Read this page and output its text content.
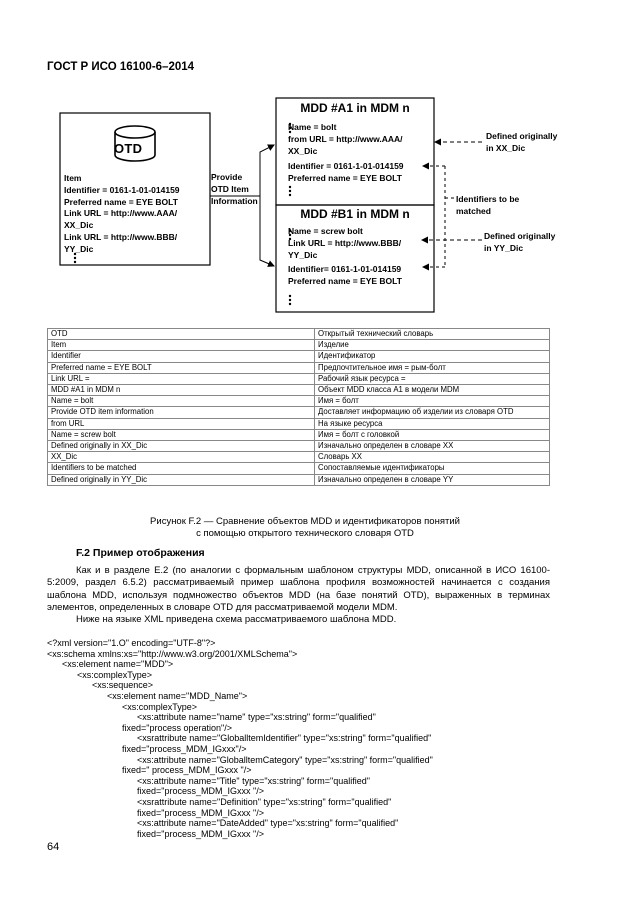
ГОСТ Р ИСО 16100-6–2014
OTD
Item
Identifier = 0161-1-01-014159
Preferred name = EYE BOLT
Link URL = http://www.AAA/
XX_Dic
Link URL = http://www.BBB/
YY_Dic
Provide
OTD Item
Information
MDD #A1 in MDM n
Name = bolt
from URL = http://www.AAA/
XX_Dic
Identifier = 0161-1-01-014159
Preferred name = EYE BOLT
MDD #B1 in MDM n
Name = screw bolt
Link URL = http://www.BBB/
YY_Dic
Identifier= 0161-1-01-014159
Preferred name = EYE BOLT
Defined originally
in XX_Dic
Identifiers to be
matched
Defined originally
in YY_Dic
OTD	Открытый технический словарь
Item	Изделие
Identifier	Идентификатор
Preferred name = EYE BOLT	Предпочтительное имя = рым-болт
Link URL =	Рабочий язык ресурса =
MDD #A1 in MDM n	Объект MDD класса A1 в модели MDM
Name = bolt	Имя = болт
Provide OTD item information	Доставляет информацию об изделии из словаря OTD
from URL	На языке ресурса
Name = screw bolt	Имя = болт с головкой
Defined originally in XX_Dic	Изначально определен в словаре XX
XX_Dic	Словарь XX
Identifiers to be matched	Сопоставляемые идентификаторы
Defined originally in YY_Dic	Изначально определен в словаре YY
Рисунок F.2 — Сравнение объектов MDD и идентификаторов понятий
с помощью открытого технического словаря OTD
F.2 Пример отображения

Как и в разделе Е.2 (по аналогии с формальным шаблоном структуры MDD, описанной в ИСО 16100-5:2009, раздел 6.5.2) рассматриваемый пример шаблона профиля возможностей начинается с создания шаблона MDD, используя подмножество объектов MDD (на базе понятий OTD), выраженных в терминах элементов, определенных в словаре OTD для рассматриваемой модели MDM.

Ниже на языке XML приведена схема рассматриваемого шаблона MDD.

<?xml version="1.O" encoding="UTF-8"?>
<xs:schema xmlns:xs="http://www.w3.org/2001/XMLSchema">
<xs:element name="MDD">
<xs:complexType>
<xs:sequence>
<xs:element name="MDD_Name">
<xs:complexType>
<xs:attribute name="name" type="xs:string" form="qualified"
fixed="process operation"/>
<xsrattribute name="GloballtemIdentifier" type="xs:string" form="qualified"
fixed="process_MDM_IGxxx"/>
<xs:attribute name="GloballtemCategory" type="xs:string" form="qualified"
fixed=" process_MDM_IGxxx "/>
<xs:attribute name="Title" type="xs:string" form="qualified"
fixed="process_MDM_IGxxx "/>
<xsrattribute name="Definition" type="xs:string" form="qualified"
fixed="process_MDM_IGxxx "/>
<xs:attribute name="DateAdded" type="xs:string" form="qualified"
fixed="process_MDM_IGxxx "/>
64
